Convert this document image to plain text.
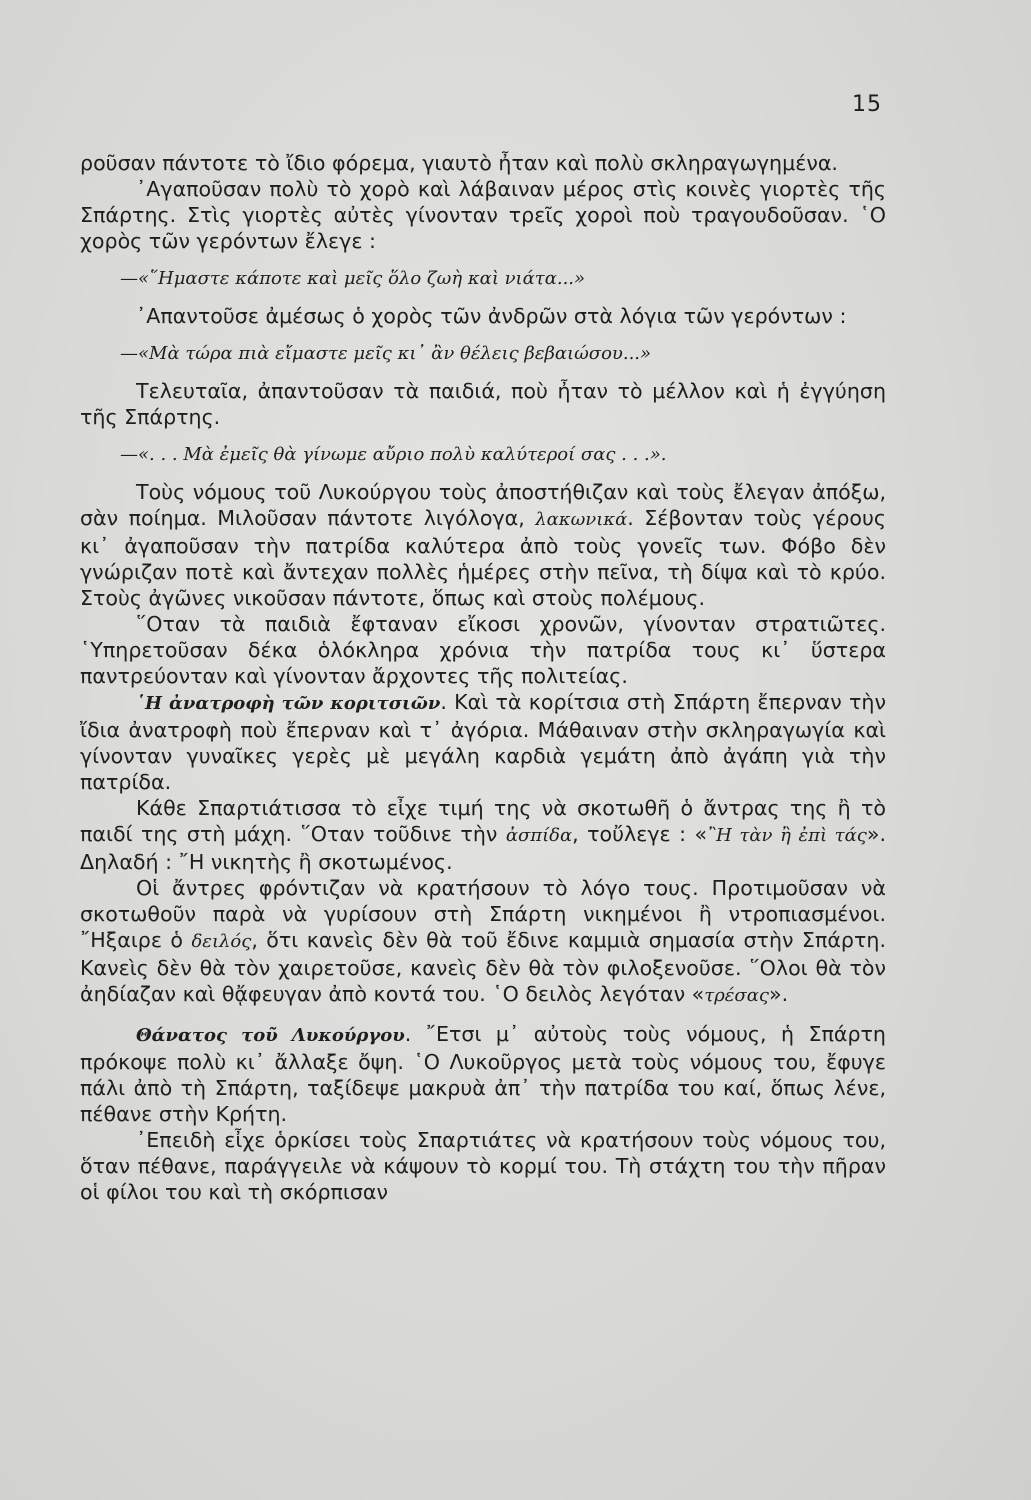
15

ροῦσαν πάντοτε τὸ ἴδιο φόρεμα, γιαυτὸ ἦταν καὶ πολὺ σκληραγωγημένα.

᾿Αγαποῦσαν πολὺ τὸ χορὸ καὶ λάβαιναν μέρος στὶς κοινὲς γιορτὲς τῆς Σπάρτης. Στὶς γιορτὲς αὐτὲς γίνονταν τρεῖς χοροὶ ποὺ τραγουδοῦσαν. ῾Ο χορὸς τῶν γερόντων ἔλεγε :

—«῞Ημαστε κάποτε καὶ μεῖς ὅλο ζωὴ καὶ νιάτα...»

᾿Απαντοῦσε ἀμέσως ὁ χορὸς τῶν ἀνδρῶν στὰ λόγια τῶν γερόντων :

—«Μὰ τώρα πιὰ εἴμαστε μεῖς κι᾿ ἂν θέλεις βεβαιώσου...»

Τελευταῖα, ἀπαντοῦσαν τὰ παιδιά, ποὺ ἦταν τὸ μέλλον καὶ ἡ ἐγγύηση τῆς Σπάρτης.

—«. . . Μὰ ἐμεῖς θὰ γίνωμε αὔριο πολὺ καλύτεροί σας . . .».

Τοὺς νόμους τοῦ Λυκούργου τοὺς ἀποστήθιζαν καὶ τοὺς ἔλεγαν ἀπόξω, σὰν ποίημα. Μιλοῦσαν πάντοτε λιγόλογα, λακωνικά. Σέβονταν τοὺς γέρους κι᾿ ἀγαποῦσαν τὴν πατρίδα καλύτερα ἀπὸ τοὺς γονεῖς των. Φόβο δὲν γνώριζαν ποτὲ καὶ ἄντεχαν πολλὲς ἡμέρες στὴν πεῖνα, τὴ δίψα καὶ τὸ κρύο. Στοὺς ἀγῶνες νικοῦσαν πάντοτε, ὅπως καὶ στοὺς πολέμους.

῞Οταν τὰ παιδιὰ ἔφταναν εἴκοσι χρονῶν, γίνονταν στρατιῶτες. ῾Υπηρετοῦσαν δέκα ὁλόκληρα χρόνια τὴν πατρίδα τους κι᾿ ὕστερα παντρεύονταν καὶ γίνονταν ἄρχοντες τῆς πολιτείας.

῾Η ἀνατροφὴ τῶν κοριτσιῶν. Καὶ τὰ κορίτσια στὴ Σπάρτη ἔπερναν τὴν ἴδια ἀνατροφὴ ποὺ ἔπερναν καὶ τ᾿ ἀγόρια. Μάθαιναν στὴν σκληραγωγία καὶ γίνονταν γυναῖκες γερὲς μὲ μεγάλη καρδιὰ γεμάτη ἀπὸ ἀγάπη γιὰ τὴν πατρίδα.

Κάθε Σπαρτιάτισσα τὸ εἶχε τιμή της νὰ σκοτωθῆ ὁ ἄντρας της ἢ τὸ παιδί της στὴ μάχη. ῞Οταν τοῦδινε τὴν ἀσπίδα, τοὔλεγε : «῍Η τὰν ἢ ἐπὶ τάς». Δηλαδή : ῎Η νικητὴς ἢ σκοτωμένος.

Οἱ ἄντρες φρόντιζαν νὰ κρατήσουν τὸ λόγο τους. Προτιμοῦσαν νὰ σκοτωθοῦν παρὰ νὰ γυρίσουν στὴ Σπάρτη νικημένοι ἢ ντροπιασμένοι. ῎Ηξαιρε ὁ δειλός, ὅτι κανεὶς δὲν θὰ τοῦ ἔδινε καμμιὰ σημασία στὴν Σπάρτη. Κανεὶς δὲν θὰ τὸν χαιρετοῦσε, κανεὶς δὲν θὰ τὸν φιλοξενοῦσε. ῞Ολοι θὰ τὸν ἀηδίαζαν καὶ θᾄφευγαν ἀπὸ κοντά του. ῾Ο δειλὸς λεγόταν «τρέσας».

Θάνατος τοῦ Λυκούργου. ῎Ετσι μ᾿ αὐτοὺς τοὺς νόμους, ἡ Σπάρτη πρόκοψε πολὺ κι᾿ ἄλλαξε ὄψη. ῾Ο Λυκοῦργος μετὰ τοὺς νόμους του, ἔφυγε πάλι ἀπὸ τὴ Σπάρτη, ταξίδεψε μακρυὰ ἀπ᾿ τὴν πατρίδα του καί, ὅπως λένε, πέθανε στὴν Κρήτη.

᾿Επειδὴ εἶχε ὁρκίσει τοὺς Σπαρτιάτες νὰ κρατήσουν τοὺς νόμους του, ὅταν πέθανε, παράγγειλε νὰ κάψουν τὸ κορμί του. Τὴ στάχτη του τὴν πῆραν οἱ φίλοι του καὶ τὴ σκόρπισαν
